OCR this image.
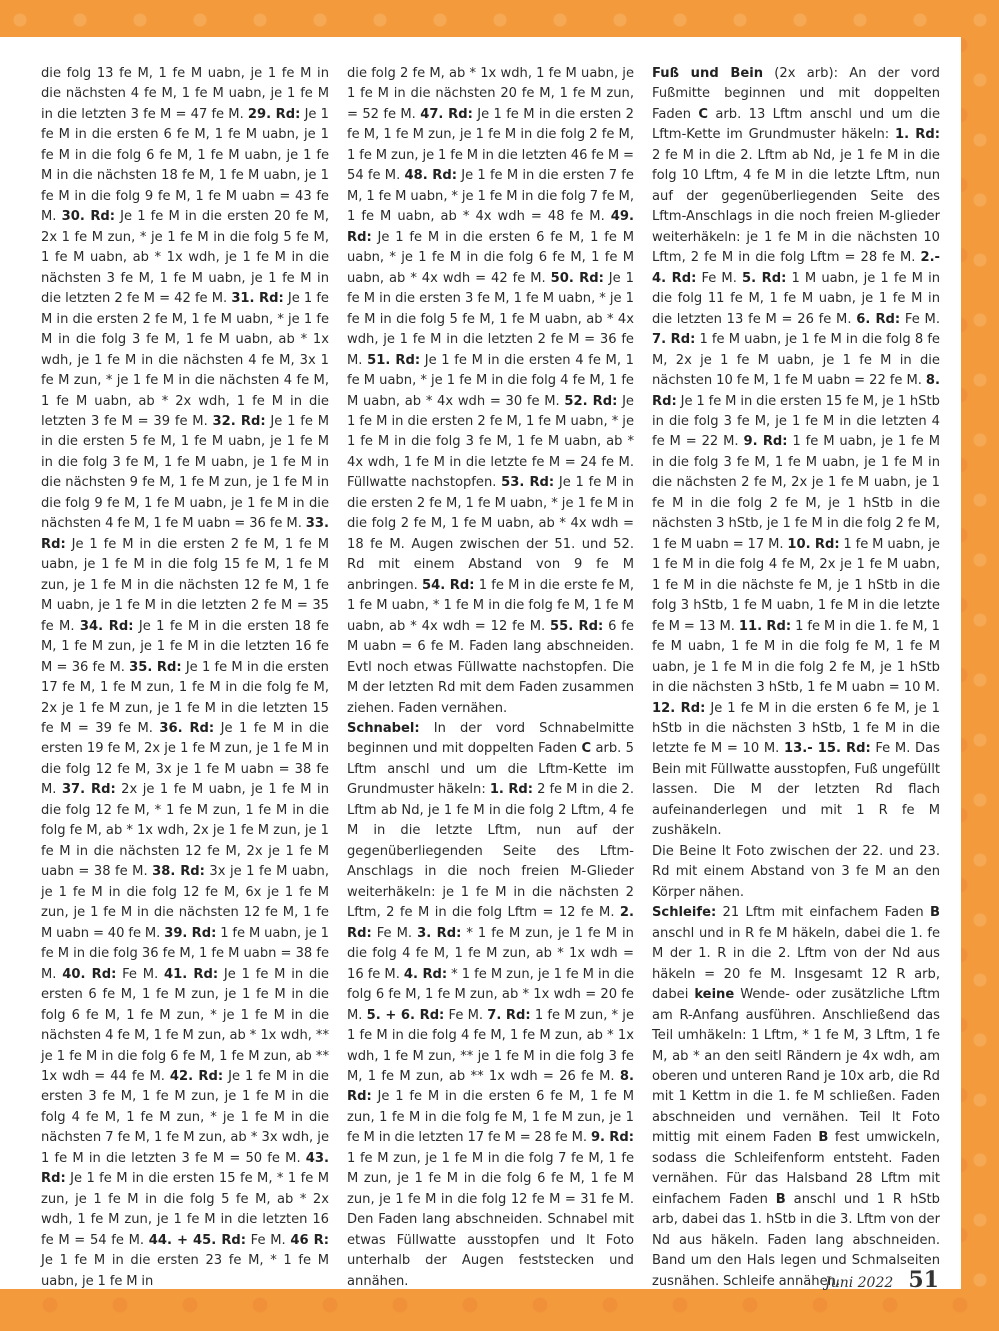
die folg 13 fe M, 1 fe M uabn, je 1 fe M in die nächsten 4 fe M, 1 fe M uabn, je 1 fe M in die letzten 3 fe M = 47 fe M. 29. Rd: Je 1 fe M in die ersten 6 fe M, 1 fe M uabn, je 1 fe M in die folg 6 fe M, 1 fe M uabn, je 1 fe M in die nächsten 18 fe M, 1 fe M uabn, je 1 fe M in die folg 9 fe M, 1 fe M uabn = 43 fe M. 30. Rd: Je 1 fe M in die ersten 20 fe M, 2x 1 fe M zun, * je 1 fe M in die folg 5 fe M, 1 fe M uabn, ab * 1x wdh, je 1 fe M in die nächsten 3 fe M, 1 fe M uabn, je 1 fe M in die letzten 2 fe M = 42 fe M. 31. Rd: Je 1 fe M in die ersten 2 fe M, 1 fe M uabn, * je 1 fe M in die folg 3 fe M, 1 fe M uabn, ab * 1x wdh, je 1 fe M in die nächsten 4 fe M, 3x 1 fe M zun, * je 1 fe M in die nächsten 4 fe M, 1 fe M uabn, ab * 2x wdh, 1 fe M in die letzten 3 fe M = 39 fe M. 32. Rd: Je 1 fe M in die ersten 5 fe M, 1 fe M uabn, je 1 fe M in die folg 3 fe M, 1 fe M uabn, je 1 fe M in die nächsten 9 fe M, 1 fe M zun, je 1 fe M in die folg 9 fe M, 1 fe M uabn, je 1 fe M in die nächsten 4 fe M, 1 fe M uabn = 36 fe M. 33. Rd: Je 1 fe M in die ersten 2 fe M, 1 fe M uabn, je 1 fe M in die folg 15 fe M, 1 fe M zun, je 1 fe M in die nächsten 12 fe M, 1 fe M uabn, je 1 fe M in die letzten 2 fe M = 35 fe M. 34. Rd: Je 1 fe M in die ersten 18 fe M, 1 fe M zun, je 1 fe M in die letzten 16 fe M = 36 fe M. 35. Rd: Je 1 fe M in die ersten 17 fe M, 1 fe M zun, 1 fe M in die folg fe M, 2x je 1 fe M zun, je 1 fe M in die letzten 15 fe M = 39 fe M. 36. Rd: Je 1 fe M in die ersten 19 fe M, 2x je 1 fe M zun, je 1 fe M in die folg 12 fe M, 3x je 1 fe M uabn = 38 fe M. 37. Rd: 2x je 1 fe M uabn, je 1 fe M in die folg 12 fe M, * 1 fe M zun, 1 fe M in die folg fe M, ab * 1x wdh, 2x je 1 fe M zun, je 1 fe M in die nächsten 12 fe M, 2x je 1 fe M uabn = 38 fe M. 38. Rd: 3x je 1 fe M uabn, je 1 fe M in die folg 12 fe M, 6x je 1 fe M zun, je 1 fe M in die nächsten 12 fe M, 1 fe M uabn = 40 fe M. 39. Rd: 1 fe M uabn, je 1 fe M in die folg 36 fe M, 1 fe M uabn = 38 fe M. 40. Rd: Fe M. 41. Rd: Je 1 fe M in die ersten 6 fe M, 1 fe M zun, je 1 fe M in die folg 6 fe M, 1 fe M zun, * je 1 fe M in die nächsten 4 fe M, 1 fe M zun, ab * 1x wdh, ** je 1 fe M in die folg 6 fe M, 1 fe M zun, ab ** 1x wdh = 44 fe M. 42. Rd: Je 1 fe M in die ersten 3 fe M, 1 fe M zun, je 1 fe M in die folg 4 fe M, 1 fe M zun, * je 1 fe M in die nächsten 7 fe M, 1 fe M zun, ab * 3x wdh, je 1 fe M in die letzten 3 fe M = 50 fe M. 43. Rd: Je 1 fe M in die ersten 15 fe M, * 1 fe M zun, je 1 fe M in die folg 5 fe M, ab * 2x wdh, 1 fe M zun, je 1 fe M in die letzten 16 fe M = 54 fe M. 44. + 45. Rd: Fe M. 46 R: Je 1 fe M in die ersten 23 fe M, * 1 fe M uabn, je 1 fe M in
die folg 2 fe M, ab * 1x wdh, 1 fe M uabn, je 1 fe M in die nächsten 20 fe M, 1 fe M zun, = 52 fe M. 47. Rd: Je 1 fe M in die ersten 2 fe M, 1 fe M zun, je 1 fe M in die folg 2 fe M, 1 fe M zun, je 1 fe M in die letzten 46 fe M = 54 fe M. 48. Rd: Je 1 fe M in die ersten 7 fe M, 1 fe M uabn, * je 1 fe M in die folg 7 fe M, 1 fe M uabn, ab * 4x wdh = 48 fe M. 49. Rd: Je 1 fe M in die ersten 6 fe M, 1 fe M uabn, * je 1 fe M in die folg 6 fe M, 1 fe M uabn, ab * 4x wdh = 42 fe M. 50. Rd: Je 1 fe M in die ersten 3 fe M, 1 fe M uabn, * je 1 fe M in die folg 5 fe M, 1 fe M uabn, ab * 4x wdh, je 1 fe M in die letzten 2 fe M = 36 fe M. 51. Rd: Je 1 fe M in die ersten 4 fe M, 1 fe M uabn, * je 1 fe M in die folg 4 fe M, 1 fe M uabn, ab * 4x wdh = 30 fe M. 52. Rd: Je 1 fe M in die ersten 2 fe M, 1 fe M uabn, * je 1 fe M in die folg 3 fe M, 1 fe M uabn, ab * 4x wdh, 1 fe M in die letzte fe M = 24 fe M. Füllwatte nachstopfen. 53. Rd: Je 1 fe M in die ersten 2 fe M, 1 fe M uabn, * je 1 fe M in die folg 2 fe M, 1 fe M uabn, ab * 4x wdh = 18 fe M. Augen zwischen der 51. und 52. Rd mit einem Abstand von 9 fe M anbringen. 54. Rd: 1 fe M in die erste fe M, 1 fe M uabn, * 1 fe M in die folg fe M, 1 fe M uabn, ab * 4x wdh = 12 fe M. 55. Rd: 6 fe M uabn = 6 fe M. Faden lang abschneiden. Evtl noch etwas Füllwatte nachstopfen. Die M der letzten Rd mit dem Faden zusammen ziehen. Faden vernähen.
Schnabel: In der vord Schnabelmitte beginnen und mit doppelten Faden C arb. 5 Lftm anschl und um die Lftm-Kette im Grundmuster häkeln: 1. Rd: 2 fe M in die 2. Lftm ab Nd, je 1 fe M in die folg 2 Lftm, 4 fe M in die letzte Lftm, nun auf der gegenüberliegenden Seite des Lftm-Anschlags in die noch freien M-Glieder weiterhäkeln: je 1 fe M in die nächsten 2 Lftm, 2 fe M in die folg Lftm = 12 fe M. 2. Rd: Fe M. 3. Rd: * 1 fe M zun, je 1 fe M in die folg 4 fe M, 1 fe M zun, ab * 1x wdh = 16 fe M. 4. Rd: * 1 fe M zun, je 1 fe M in die folg 6 fe M, 1 fe M zun, ab * 1x wdh = 20 fe M. 5. + 6. Rd: Fe M. 7. Rd: 1 fe M zun, * je 1 fe M in die folg 4 fe M, 1 fe M zun, ab * 1x wdh, 1 fe M zun, ** je 1 fe M in die folg 3 fe M, 1 fe M zun, ab ** 1x wdh = 26 fe M. 8. Rd: Je 1 fe M in die ersten 6 fe M, 1 fe M zun, 1 fe M in die folg fe M, 1 fe M zun, je 1 fe M in die letzten 17 fe M = 28 fe M. 9. Rd: 1 fe M zun, je 1 fe M in die folg 7 fe M, 1 fe M zun, je 1 fe M in die folg 6 fe M, 1 fe M zun, je 1 fe M in die folg 12 fe M = 31 fe M. Den Faden lang abschneiden. Schnabel mit etwas Füllwatte ausstopfen und lt Foto unterhalb der Augen feststecken und annähen.
Fuß und Bein (2x arb): An der vord Fußmitte beginnen und mit doppelten Faden C arb. 13 Lftm anschl und um die Lftm-Kette im Grundmuster häkeln: 1. Rd: 2 fe M in die 2. Lftm ab Nd, je 1 fe M in die folg 10 Lftm, 4 fe M in die letzte Lftm, nun auf der gegenüberliegenden Seite des Lftm-Anschlags in die noch freien M-glieder weiterhäkeln: je 1 fe M in die nächsten 10 Lftm, 2 fe M in die folg Lftm = 28 fe M. 2.- 4. Rd: Fe M. 5. Rd: 1 M uabn, je 1 fe M in die folg 11 fe M, 1 fe M uabn, je 1 fe M in die letzten 13 fe M = 26 fe M. 6. Rd: Fe M. 7. Rd: 1 fe M uabn, je 1 fe M in die folg 8 fe M, 2x je 1 fe M uabn, je 1 fe M in die nächsten 10 fe M, 1 fe M uabn = 22 fe M. 8. Rd: Je 1 fe M in die ersten 15 fe M, je 1 hStb in die folg 3 fe M, je 1 fe M in die letzten 4 fe M = 22 M. 9. Rd: 1 fe M uabn, je 1 fe M in die folg 3 fe M, 1 fe M uabn, je 1 fe M in die nächsten 2 fe M, 2x je 1 fe M uabn, je 1 fe M in die folg 2 fe M, je 1 hStb in die nächsten 3 hStb, je 1 fe M in die folg 2 fe M, 1 fe M uabn = 17 M. 10. Rd: 1 fe M uabn, je 1 fe M in die folg 4 fe M, 2x je 1 fe M uabn, 1 fe M in die nächste fe M, je 1 hStb in die folg 3 hStb, 1 fe M uabn, 1 fe M in die letzte fe M = 13 M. 11. Rd: 1 fe M in die 1. fe M, 1 fe M uabn, 1 fe M in die folg fe M, 1 fe M uabn, je 1 fe M in die folg 2 fe M, je 1 hStb in die nächsten 3 hStb, 1 fe M uabn = 10 M. 12. Rd: Je 1 fe M in die ersten 6 fe M, je 1 hStb in die nächsten 3 hStb, 1 fe M in die letzte fe M = 10 M. 13.- 15. Rd: Fe M. Das Bein mit Füllwatte ausstopfen, Fuß ungefüllt lassen. Die M der letzten Rd flach aufeinanderlegen und mit 1 R fe M zushäkeln.
Die Beine lt Foto zwischen der 22. und 23. Rd mit einem Abstand von 3 fe M an den Körper nähen.
Schleife: 21 Lftm mit einfachem Faden B anschl und in R fe M häkeln, dabei die 1. fe M der 1. R in die 2. Lftm von der Nd aus häkeln = 20 fe M. Insgesamt 12 R arb, dabei keine Wende- oder zusätzliche Lftm am R-Anfang ausführen. Anschließend das Teil umhäkeln: 1 Lftm, * 1 fe M, 3 Lftm, 1 fe M, ab * an den seitl Rändern je 4x wdh, am oberen und unteren Rand je 10x arb, die Rd mit 1 Kettm in die 1. fe M schließen. Faden abschneiden und vernähen. Teil lt Foto mittig mit einem Faden B fest umwickeln, sodass die Schleifenform entsteht. Faden vernähen. Für das Halsband 28 Lftm mit einfachem Faden B anschl und 1 R hStb arb, dabei das 1. hStb in die 3. Lftm von der Nd aus häkeln. Faden lang abschneiden. Band um den Hals legen und Schmalseiten zusnähen. Schleife annähen.
Juni 2022 51
